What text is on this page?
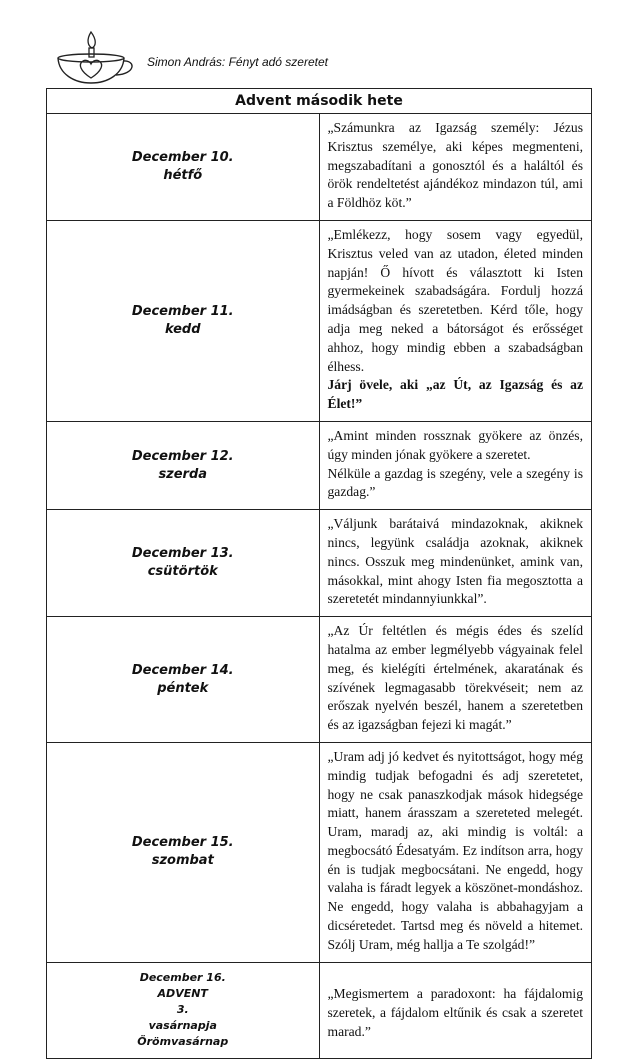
Simon András: Fényt adó szeretet
Advent második hete	

December 10.
hétfő	„Számunkra az Igazság személy: Jézus Krisztus személye, aki képes megmenteni, megszabadítani a gonosztól és a haláltól és örök rendeltetést ajándékoz mindazon túl, ami a Földhöz köt.”

December 11.
kedd	„Emlékezz, hogy sosem vagy egyedül, Krisztus veled van az utadon, életed minden napján! Ő hívott és választott ki Isten gyermekeinek szabadságára. Fordulj hozzá imádságban és szeretetben. Kérd tőle, hogy adja meg neked a bátorságot és erősséget ahhoz, hogy mindig ebben a szabadságban élhess.
Járj övele, aki „az Út, az Igazság és az Élet!”

December 12.
szerda	„Amint minden rossznak gyökere az önzés, úgy minden jónak gyökere a szeretet.
Nélküle a gazdag is szegény, vele a szegény is gazdag.”

December 13.
csütörtök	„Váljunk barátaivá mindazoknak, akiknek nincs, legyünk családja azoknak, akiknek nincs. Osszuk meg mindenünket, amink van, másokkal, mint ahogy Isten fia megosztotta a szeretetét mindannyiunkkal”.

December 14.
péntek	„Az Úr feltétlen és mégis édes és szelíd hatalma az ember legmélyebb vágyainak felel meg, és kielégíti értelmének, akaratának és szívének legmagasabb törekvéseit; nem az erőszak nyelvén beszél, hanem a szeretetben és az igazságban fejezi ki magát.”

December 15.
szombat	„Uram adj jó kedvet és nyitottságot, hogy még mindig tudjak befogadni és adj szeretetet, hogy ne csak panaszkodjak mások hidegsége miatt, hanem árasszam a szereteted melegét. Uram, maradj az, aki mindig is voltál: a megbocsátó Édesatyám. Ez indítson arra, hogy én is tudjak megbocsátani. Ne engedd, hogy valaha is fáradt legyek a köszönet-mondáshoz. Ne engedd, hogy valaha is abbahagyjam a dicséretedet. Tartsd meg és növeld a hitemet. Szólj Uram, még hallja a Te szolgád!”

December 16.
ADVENT
3.
vasárnapja
Örömvasárnap	„Megismertem a paradoxont: ha fájdalomig szeretek, a fájdalom eltűnik és csak a szeretet marad.”
